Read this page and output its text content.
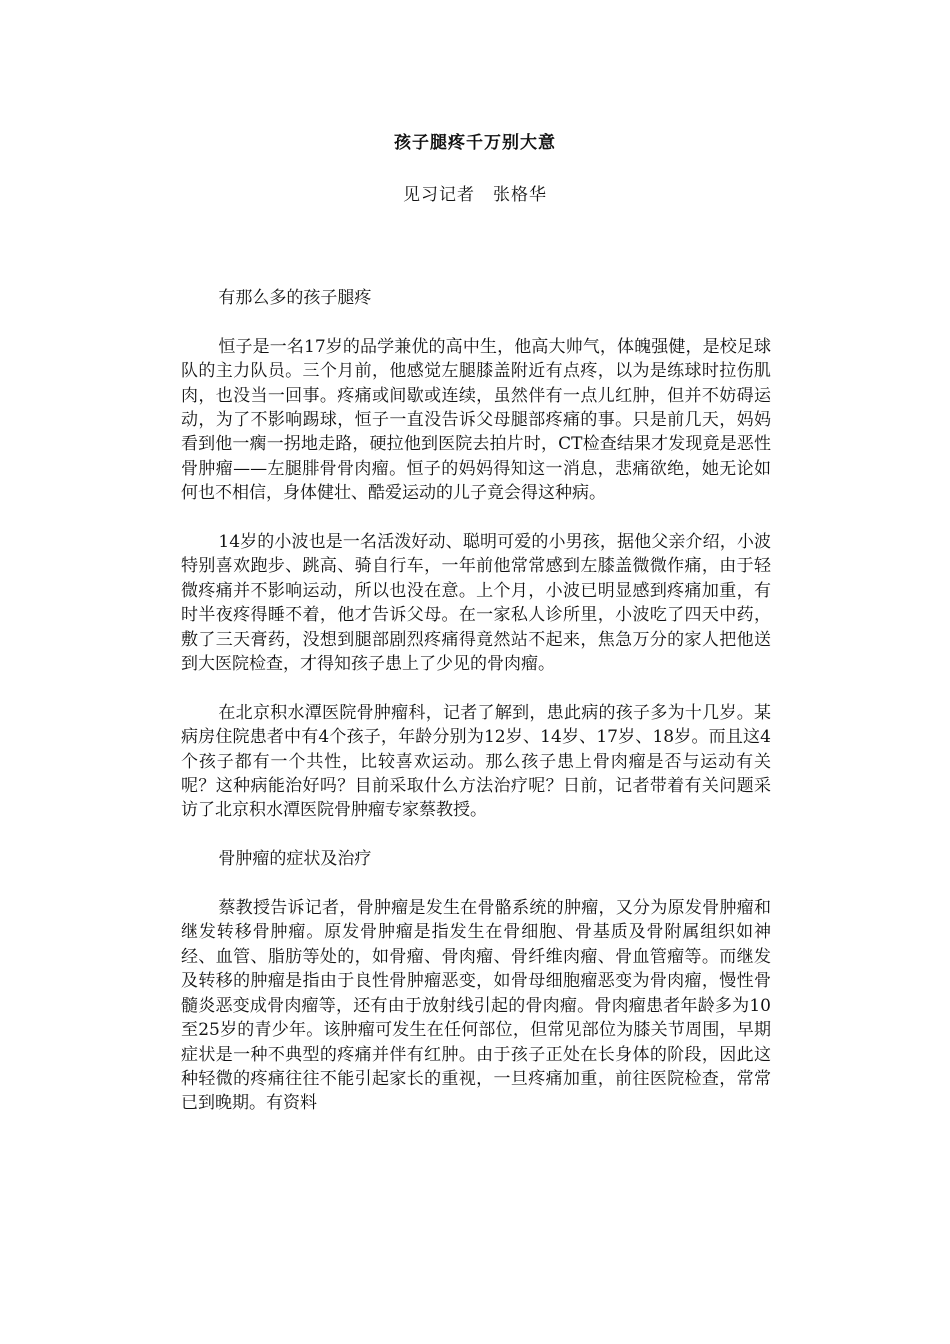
孩子腿疼千万别大意
见习记者　张格华

有那么多的孩子腿疼

恒子是一名17岁的品学兼优的高中生，他高大帅气，体魄强健，是校足球队的主力队员。三个月前，他感觉左腿膝盖附近有点疼，以为是练球时拉伤肌肉，也没当一回事。疼痛或间歇或连续，虽然伴有一点儿红肿，但并不妨碍运动，为了不影响踢球，恒子一直没告诉父母腿部疼痛的事。只是前几天，妈妈看到他一瘸一拐地走路，硬拉他到医院去拍片时，CT检查结果才发现竟是恶性骨肿瘤——左腿腓骨骨肉瘤。恒子的妈妈得知这一消息，悲痛欲绝，她无论如何也不相信，身体健壮、酷爱运动的儿子竟会得这种病。

14岁的小波也是一名活泼好动、聪明可爱的小男孩，据他父亲介绍，小波特别喜欢跑步、跳高、骑自行车，一年前他常常感到左膝盖微微作痛，由于轻微疼痛并不影响运动，所以也没在意。上个月，小波已明显感到疼痛加重，有时半夜疼得睡不着，他才告诉父母。在一家私人诊所里，小波吃了四天中药，敷了三天膏药，没想到腿部剧烈疼痛得竟然站不起来，焦急万分的家人把他送到大医院检查，才得知孩子患上了少见的骨肉瘤。

在北京积水潭医院骨肿瘤科，记者了解到，患此病的孩子多为十几岁。某病房住院患者中有4个孩子，年龄分别为12岁、14岁、17岁、18岁。而且这4个孩子都有一个共性，比较喜欢运动。那么孩子患上骨肉瘤是否与运动有关呢？这种病能治好吗？目前采取什么方法治疗呢？日前，记者带着有关问题采访了北京积水潭医院骨肿瘤专家蔡教授。

骨肿瘤的症状及治疗

蔡教授告诉记者，骨肿瘤是发生在骨骼系统的肿瘤，又分为原发骨肿瘤和继发转移骨肿瘤。原发骨肿瘤是指发生在骨细胞、骨基质及骨附属组织如神经、血管、脂肪等处的，如骨瘤、骨肉瘤、骨纤维肉瘤、骨血管瘤等。而继发及转移的肿瘤是指由于良性骨肿瘤恶变，如骨母细胞瘤恶变为骨肉瘤，慢性骨髓炎恶变成骨肉瘤等，还有由于放射线引起的骨肉瘤。骨肉瘤患者年龄多为10至25岁的青少年。该肿瘤可发生在任何部位，但常见部位为膝关节周围，早期症状是一种不典型的疼痛并伴有红肿。由于孩子正处在长身体的阶段，因此这种轻微的疼痛往往不能引起家长的重视，一旦疼痛加重，前往医院检查，常常已到晚期。有资料
